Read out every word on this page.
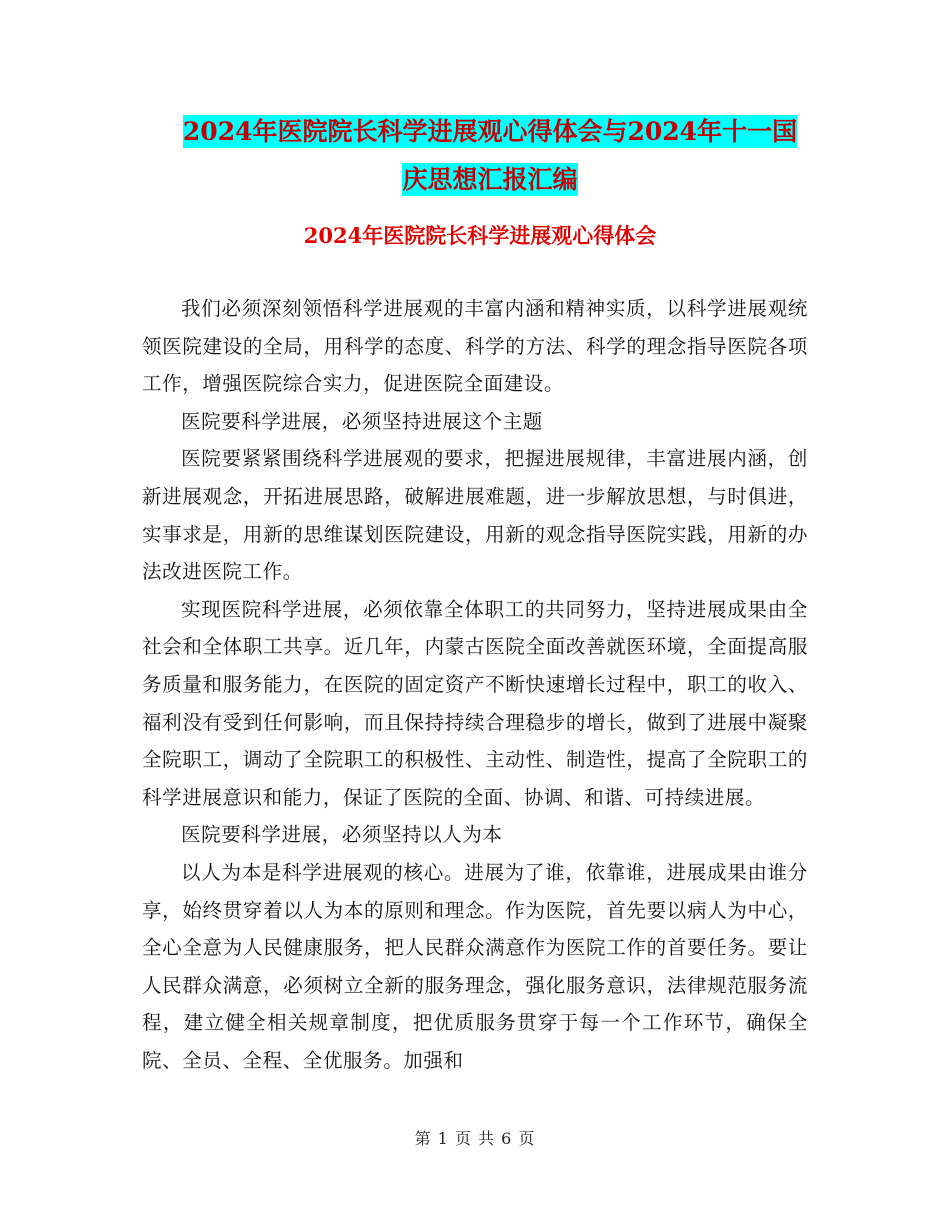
2024年医院院长科学进展观心得体会与2024年十一国
庆思想汇报汇编
2024年医院院长科学进展观心得体会

我们必须深刻领悟科学进展观的丰富内涵和精神实质，以科学进展观统领医院建设的全局，用科学的态度、科学的方法、科学的理念指导医院各项工作，增强医院综合实力，促进医院全面建设。

医院要科学进展，必须坚持进展这个主题

医院要紧紧围绕科学进展观的要求，把握进展规律，丰富进展内涵，创新进展观念，开拓进展思路，破解进展难题，进一步解放思想，与时俱进，实事求是，用新的思维谋划医院建设，用新的观念指导医院实践，用新的办法改进医院工作。

实现医院科学进展，必须依靠全体职工的共同努力，坚持进展成果由全社会和全体职工共享。近几年，内蒙古医院全面改善就医环境，全面提高服务质量和服务能力，在医院的固定资产不断快速增长过程中，职工的收入、福利没有受到任何影响，而且保持持续合理稳步的增长，做到了进展中凝聚全院职工，调动了全院职工的积极性、主动性、制造性，提高了全院职工的科学进展意识和能力，保证了医院的全面、协调、和谐、可持续进展。

医院要科学进展，必须坚持以人为本

以人为本是科学进展观的核心。进展为了谁，依靠谁，进展成果由谁分享，始终贯穿着以人为本的原则和理念。作为医院，首先要以病人为中心，全心全意为人民健康服务，把人民群众满意作为医院工作的首要任务。要让人民群众满意，必须树立全新的服务理念，强化服务意识，法律规范服务流程，建立健全相关规章制度，把优质服务贯穿于每一个工作环节，确保全院、全员、全程、全优服务。加强和

第 1 页 共 6 页
